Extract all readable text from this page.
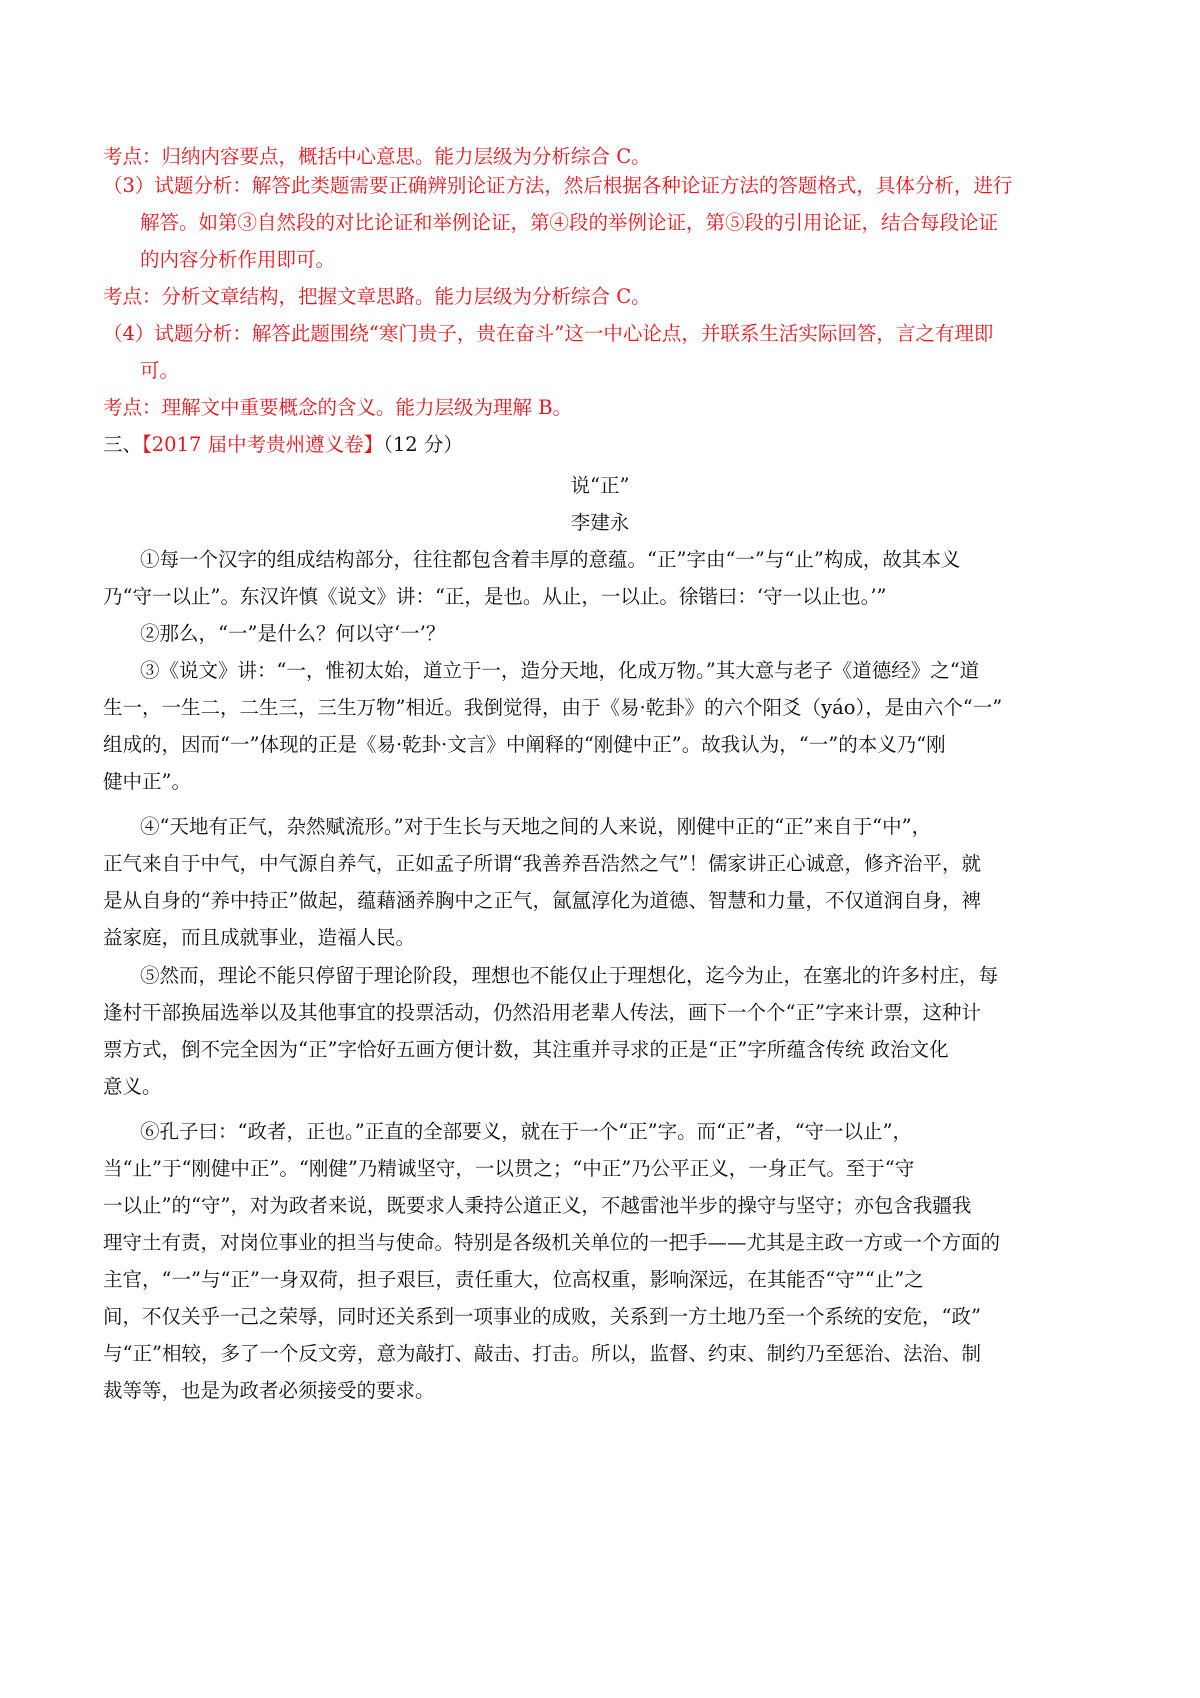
考点：归纳内容要点，概括中心意思。能力层级为分析综合 C。
（3）试题分析：解答此类题需要正确辨别论证方法，然后根据各种论证方法的答题格式，具体分析，进行
解答。如第③自然段的对比论证和举例论证，第④段的举例论证，第⑤段的引用论证，结合每段论证
的内容分析作用即可。
考点：分析文章结构，把握文章思路。能力层级为分析综合 C。
（4）试题分析：解答此题围绕“寒门贵子，贵在奋斗”这一中心论点，并联系生活实际回答，言之有理即
可。
考点：理解文中重要概念的含义。能力层级为理解 B。
三、【2017 届中考贵州遵义卷】（12 分）
说“正”
李建永
①每一个汉字的组成结构部分，往往都包含着丰厚的意蕴。“正”字由“一”与“止”构成，故其本义
乃“守一以止”。东汉许慎《说文》讲：“正，是也。从止，一以止。徐锴曰：‘守一以止也。’”
②那么，“一”是什么？何以守‘一’？
③《说文》讲：“一，惟初太始，道立于一，造分天地，化成万物。”其大意与老子《道德经》之“道
生一，一生二，二生三，三生万物”相近。我倒觉得，由于《易·乾卦》的六个阳爻（yáo），是由六个“一”
组成的，因而“一”体现的正是《易·乾卦·文言》中阐释的“刚健中正”。故我认为，“一”的本义乃“刚
健中正”。
④“天地有正气，杂然赋流形。”对于生长与天地之间的人来说，刚健中正的“正”来自于“中”，
正气来自于中气，中气源自养气，正如孟子所谓“我善养吾浩然之气”！儒家讲正心诚意，修齐治平，就
是从自身的“养中持正”做起，蕴藉涵养胸中之正气，氤氲淳化为道德、智慧和力量，不仅道润自身，裨
益家庭，而且成就事业，造福人民。
⑤然而，理论不能只停留于理论阶段，理想也不能仅止于理想化，迄今为止，在塞北的许多村庄，每
逢村干部换届选举以及其他事宜的投票活动，仍然沿用老辈人传法，画下一个个“正”字来计票，这种计
票方式，倒不完全因为“正”字恰好五画方便计数，其注重并寻求的正是“正”字所蕴含传统 政治文化
意义。
⑥孔子曰：“政者，正也。”正直的全部要义，就在于一个“正”字。而“正”者，“守一以止”，
当“止”于“刚健中正”。“刚健”乃精诚坚守，一以贯之；“中正”乃公平正义，一身正气。至于“守
一以止”的“守”，对为政者来说，既要求人秉持公道正义，不越雷池半步的操守与坚守；亦包含我疆我
理守土有责，对岗位事业的担当与使命。特别是各级机关单位的一把手——尤其是主政一方或一个方面的
主官，“一”与“正”一身双荷，担子艰巨，责任重大，位高权重，影响深远，在其能否“守”“止”之
间，不仅关乎一己之荣辱，同时还关系到一项事业的成败，关系到一方土地乃至一个系统的安危，“政”
与“正”相较，多了一个反文旁，意为敲打、敲击、打击。所以，监督、约束、制约乃至惩治、法治、制
裁等等，也是为政者必须接受的要求。
